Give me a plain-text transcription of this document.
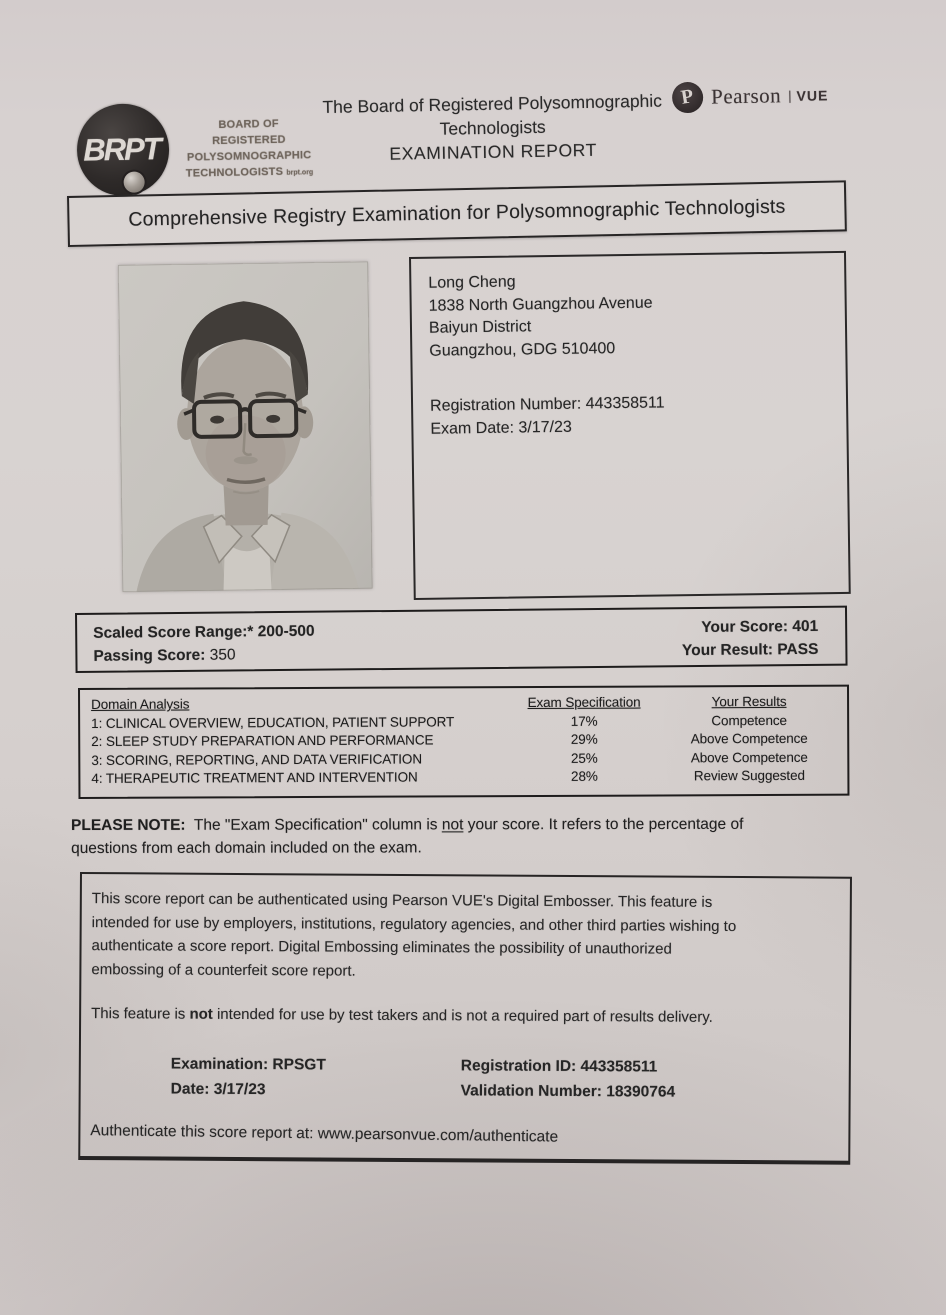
BRPT
BOARD OF REGISTERED
POLYSOMNOGRAPHIC
TECHNOLOGISTS brpt.org
The Board of Registered Polysomnographic
Technologists
EXAMINATION REPORT
P Pearson | VUE
Comprehensive Registry Examination for Polysomnographic Technologists
Long Cheng
1838 North Guangzhou Avenue
Baiyun District
Guangzhou, GDG 510400
Registration Number: 443358511
Exam Date: 3/17/23
Scaled Score Range:* 200-500
Passing Score: 350
Your Score: 401
Your Result: PASS
Domain Analysis	Exam Specification	Your Results
1: CLINICAL OVERVIEW, EDUCATION, PATIENT SUPPORT	17%	Competence
2: SLEEP STUDY PREPARATION AND PERFORMANCE	29%	Above Competence
3: SCORING, REPORTING, AND DATA VERIFICATION	25%	Above Competence
4: THERAPEUTIC TREATMENT AND INTERVENTION	28%	Review Suggested
PLEASE NOTE:  The "Exam Specification" column is not your score. It refers to the percentage of
questions from each domain included on the exam.
This score report can be authenticated using Pearson VUE's Digital Embosser. This feature is
intended for use by employers, institutions, regulatory agencies, and other third parties wishing to
authenticate a score report. Digital Embossing eliminates the possibility of unauthorized
embossing of a counterfeit score report.
This feature is not intended for use by test takers and is not a required part of results delivery.
Examination: RPSGT
Date: 3/17/23
Registration ID: 443358511
Validation Number: 18390764
Authenticate this score report at: www.pearsonvue.com/authenticate
